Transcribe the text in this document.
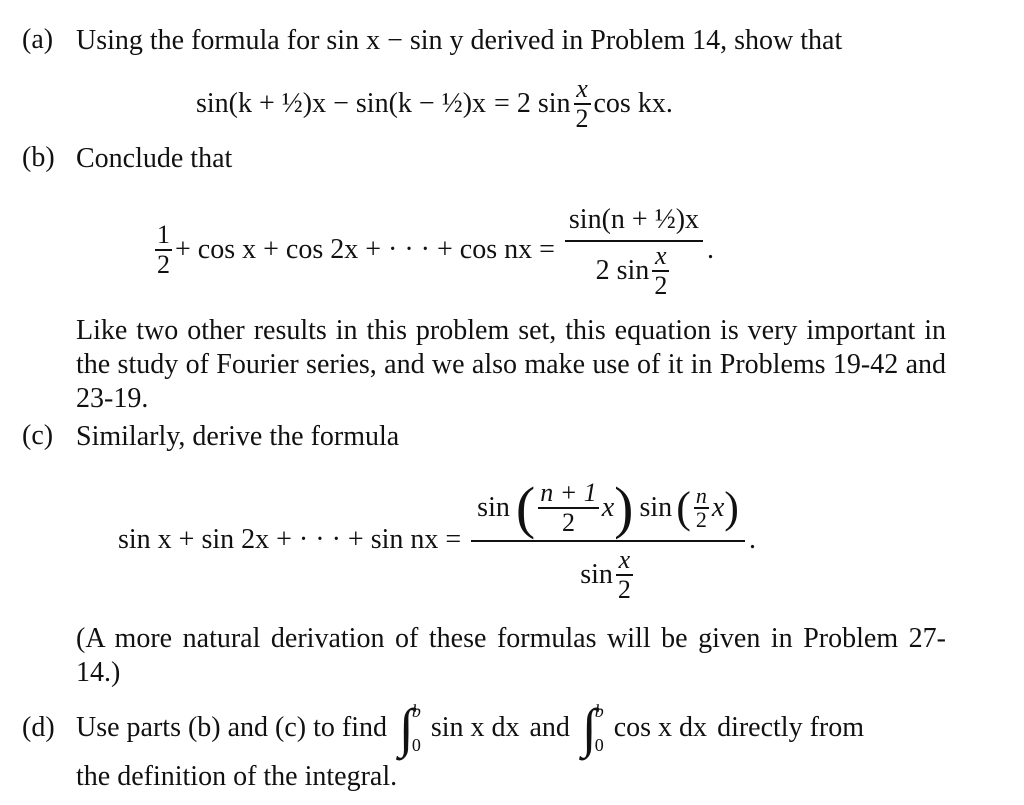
(a) Using the formula for sin x − sin y derived in Problem 14, show that
sin(k + ½)x − sin(k − ½)x = 2 $\sin \frac{x}{2}$ cos kx.
(b) Conclude that
$\frac{1}{2} + \cos x + \cos 2x$ + · · · + cos nx = $\frac{\text{sin(n + ½)x}}{2 \sin \frac{x}{2}}$ .
Like two other results in this problem set, this equation is very important in the study of Fourier series, and we also make use of it in Problems 19-42 and 23-19.
(c) Similarly, derive the formula
sin x + sin 2x + · · · + sin nx =
sin ( $\frac{n + 1}{2}$ x ) sin ( $\frac{n}{2}$ x )
$\sin \frac{x}{2}$
.
(A more natural derivation of these formulas will be given in Problem 27-14.)
(d) Use parts (b) and (c) to find ∫
b
0
sin x dx and ∫
b
0
cos x dx directly from
the definition of the integral.
